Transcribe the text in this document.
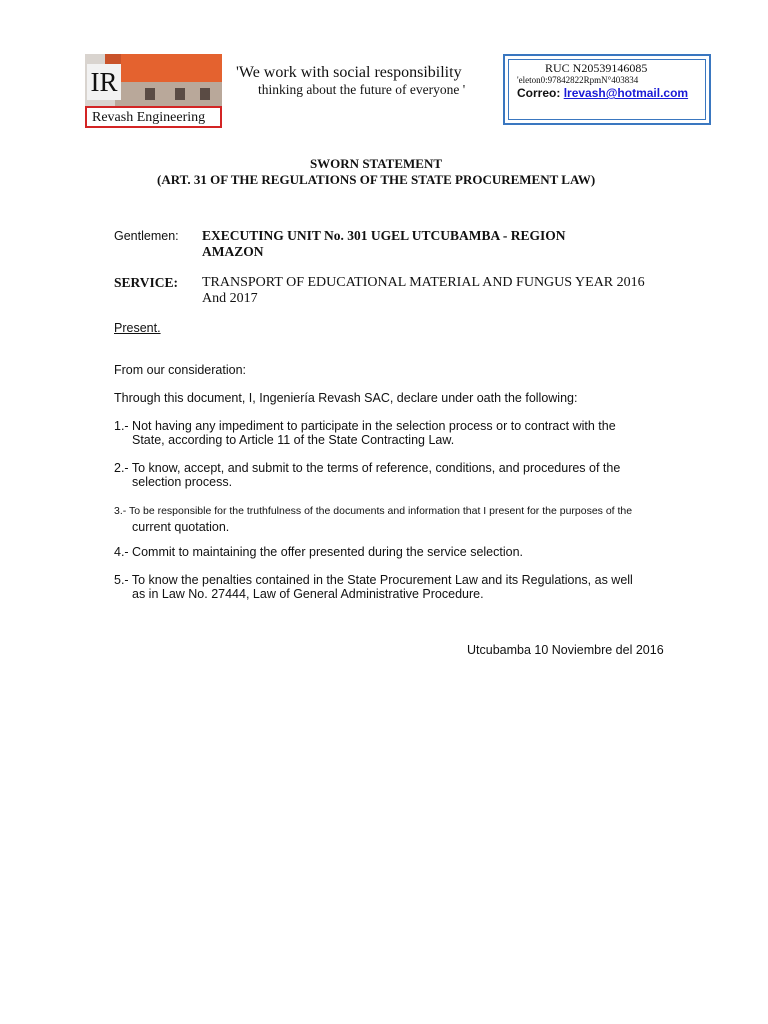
IR
Revash Engineering
'We work with social responsibility
thinking about the future of everyone '
RUC N20539146085
'eleton0:97842822RpmN°403834
Correo: lrevash@hotmail.com
SWORN STATEMENT
(ART. 31 OF THE REGULATIONS OF THE STATE PROCUREMENT LAW)
Gentlemen: EXECUTING UNIT No. 301 UGEL UTCUBAMBA - REGION
AMAZON
SERVICE: TRANSPORT OF EDUCATIONAL MATERIAL AND FUNGUS YEAR 2016
And 2017
Present.
From our consideration:
Through this document, I, Ingeniería Revash SAC, declare under oath the following:
1.- Not having any impediment to participate in the selection process or to contract with the
State, according to Article 11 of the State Contracting Law.
2.- To know, accept, and submit to the terms of reference, conditions, and procedures of the
selection process.
3.- To be responsible for the truthfulness of the documents and information that I present for the purposes of the
current quotation.
4.- Commit to maintaining the offer presented during the service selection.
5.- To know the penalties contained in the State Procurement Law and its Regulations, as well
as in Law No. 27444, Law of General Administrative Procedure.
Utcubamba 10 Noviembre del 2016
